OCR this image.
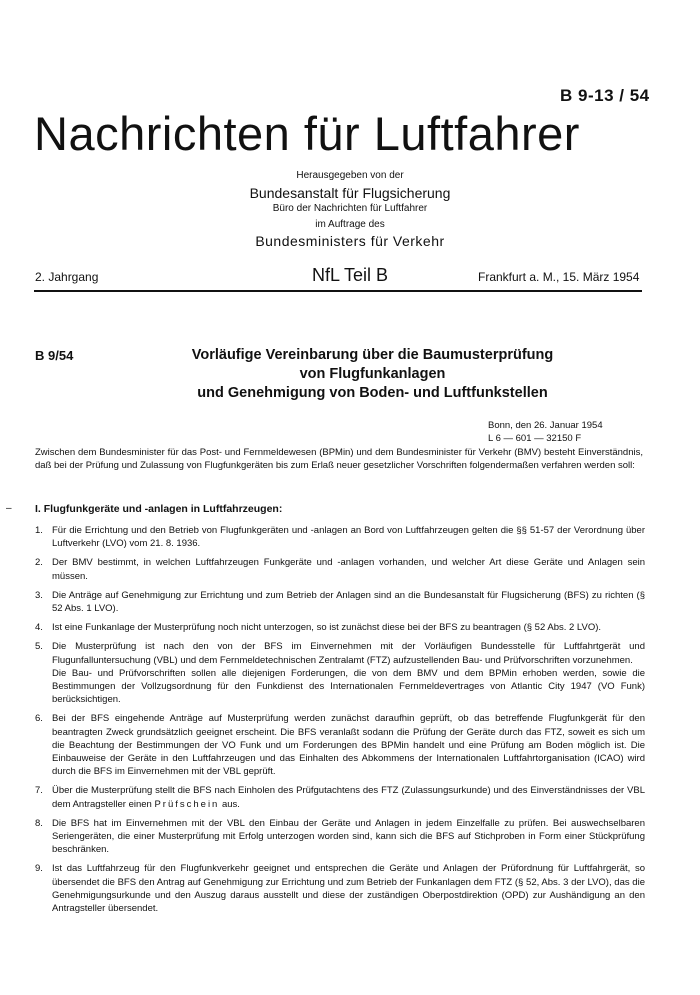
B 9-13 / 54
Nachrichten für Luftfahrer
Herausgegeben von der
Bundesanstalt für Flugsicherung
Büro der Nachrichten für Luftfahrer
im Auftrage des
Bundesministers für Verkehr
2. Jahrgang	NfL Teil B	Frankfurt a. M., 15. März 1954
B 9/54	Vorläufige Vereinbarung über die Baumusterprüfung
von Flugfunkanlagen
und Genehmigung von Boden- und Luftfunkstellen
Bonn, den 26. Januar 1954
L 6 — 601 — 32150 F
Zwischen dem Bundesminister für das Post- und Fernmeldewesen (BPMin) und dem Bundesminister für Verkehr (BMV) besteht Einverständnis, daß bei der Prüfung und Zulassung von Flugfunkgeräten bis zum Erlaß neuer gesetzlicher Vorschriften folgendermaßen verfahren werden soll:
– I. Flugfunkgeräte und -anlagen in Luftfahrzeugen:
1. Für die Errichtung und den Betrieb von Flugfunkgeräten und -anlagen an Bord von Luftfahrzeugen gelten die §§ 51-57 der Verordnung über Luftverkehr (LVO) vom 21. 8. 1936.
2. Der BMV bestimmt, in welchen Luftfahrzeugen Funkgeräte und -anlagen vorhanden, und welcher Art diese Geräte und Anlagen sein müssen.
3. Die Anträge auf Genehmigung zur Errichtung und zum Betrieb der Anlagen sind an die Bundesanstalt für Flugsicherung (BFS) zu richten (§ 52 Abs. 1 LVO).
4. Ist eine Funkanlage der Musterprüfung noch nicht unterzogen, so ist zunächst diese bei der BFS zu beantragen (§ 52 Abs. 2 LVO).
5. Die Musterprüfung ist nach den von der BFS im Einvernehmen mit der Vorläufigen Bundesstelle für Luftfahrtgerät und Flugunfalluntersuchung (VBL) und dem Fernmeldetechnischen Zentralamt (FTZ) aufzustellenden Bau- und Prüfvorschriften vorzunehmen.
Die Bau- und Prüfvorschriften sollen alle diejenigen Forderungen, die von dem BMV und dem BPMin erhoben werden, sowie die Bestimmungen der Vollzugsordnung für den Funkdienst des Internationalen Fernmeldevertrages von Atlantic City 1947 (VO Funk) berücksichtigen.
6. Bei der BFS eingehende Anträge auf Musterprüfung werden zunächst daraufhin geprüft, ob das betreffende Flugfunkgerät für den beantragten Zweck grundsätzlich geeignet erscheint. Die BFS veranlaßt sodann die Prüfung der Geräte durch das FTZ, soweit es sich um die Beachtung der Bestimmungen der VO Funk und um Forderungen des BPMin handelt und eine Prüfung am Boden möglich ist. Die Einbauweise der Geräte in den Luftfahrzeugen und das Einhalten des Abkommens der Internationalen Luftfahrtorganisation (ICAO) wird durch die BFS im Einvernehmen mit der VBL geprüft.
7. Über die Musterprüfung stellt die BFS nach Einholen des Prüfgutachtens des FTZ (Zulassungsurkunde) und des Einverständnisses der VBL dem Antragsteller einen Prüfschein aus.
8. Die BFS hat im Einvernehmen mit der VBL den Einbau der Geräte und Anlagen in jedem Einzelfalle zu prüfen. Bei auswechselbaren Seriengeräten, die einer Musterprüfung mit Erfolg unterzogen worden sind, kann sich die BFS auf Stichproben in Form einer Stückprüfung beschränken.
9. Ist das Luftfahrzeug für den Flugfunkverkehr geeignet und entsprechen die Geräte und Anlagen der Prüfordnung für Luftfahrgerät, so übersendet die BFS den Antrag auf Genehmigung zur Errichtung und zum Betrieb der Funkanlagen dem FTZ (§ 52, Abs. 3 der LVO), das die Genehmigungsurkunde und den Auszug daraus ausstellt und diese der zuständigen Oberpostdirektion (OPD) zur Aushändigung an den Antragsteller übersendet.
